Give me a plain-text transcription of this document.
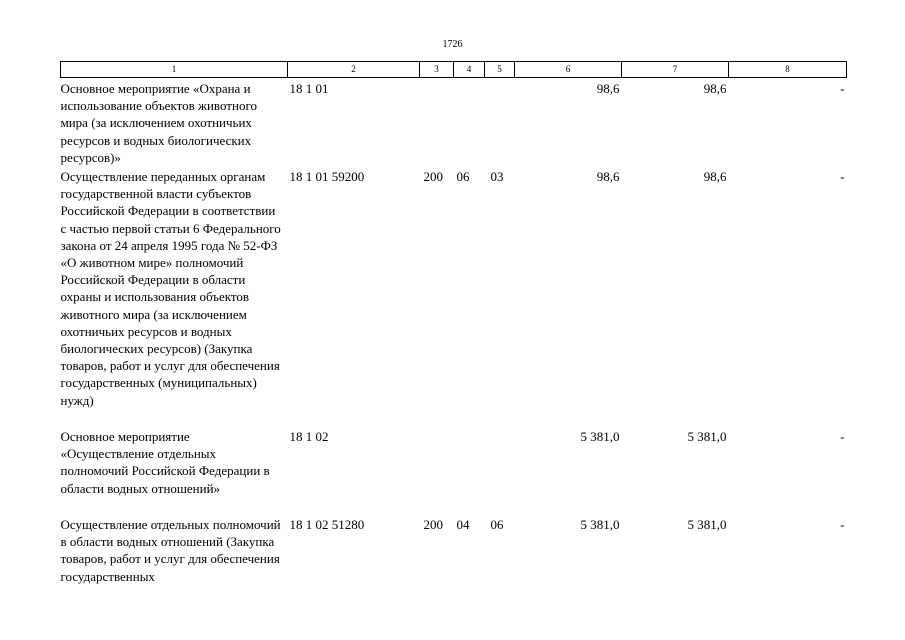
1726
1	2	3	4	5	6	7	8
Основное мероприятие «Охрана и использование объектов животного мира (за исключением охотничьих ресурсов и водных биологических ресурсов)»	18 1 01				98,6	98,6	-
Осуществление переданных органам государственной власти субъектов Российской Федерации в соответствии с частью первой статьи 6 Федерального закона от 24 апреля 1995 года № 52-ФЗ «О животном мире» полномочий Российской Федерации в области охраны и использования объектов животного мира (за исключением охотничьих ресурсов и водных биологических ресурсов) (Закупка товаров, работ и услуг для обеспечения государственных (муниципальных) нужд)	18 1 01 59200	200	06	03	98,6	98,6	-
Основное мероприятие «Осуществление отдельных полномочий Российской Федерации в области водных отношений»	18 1 02				5 381,0	5 381,0	-
Осуществление отдельных полномочий в области водных отношений (Закупка товаров, работ и услуг для обеспечения государственных	18 1 02 51280	200	04	06	5 381,0	5 381,0	-
